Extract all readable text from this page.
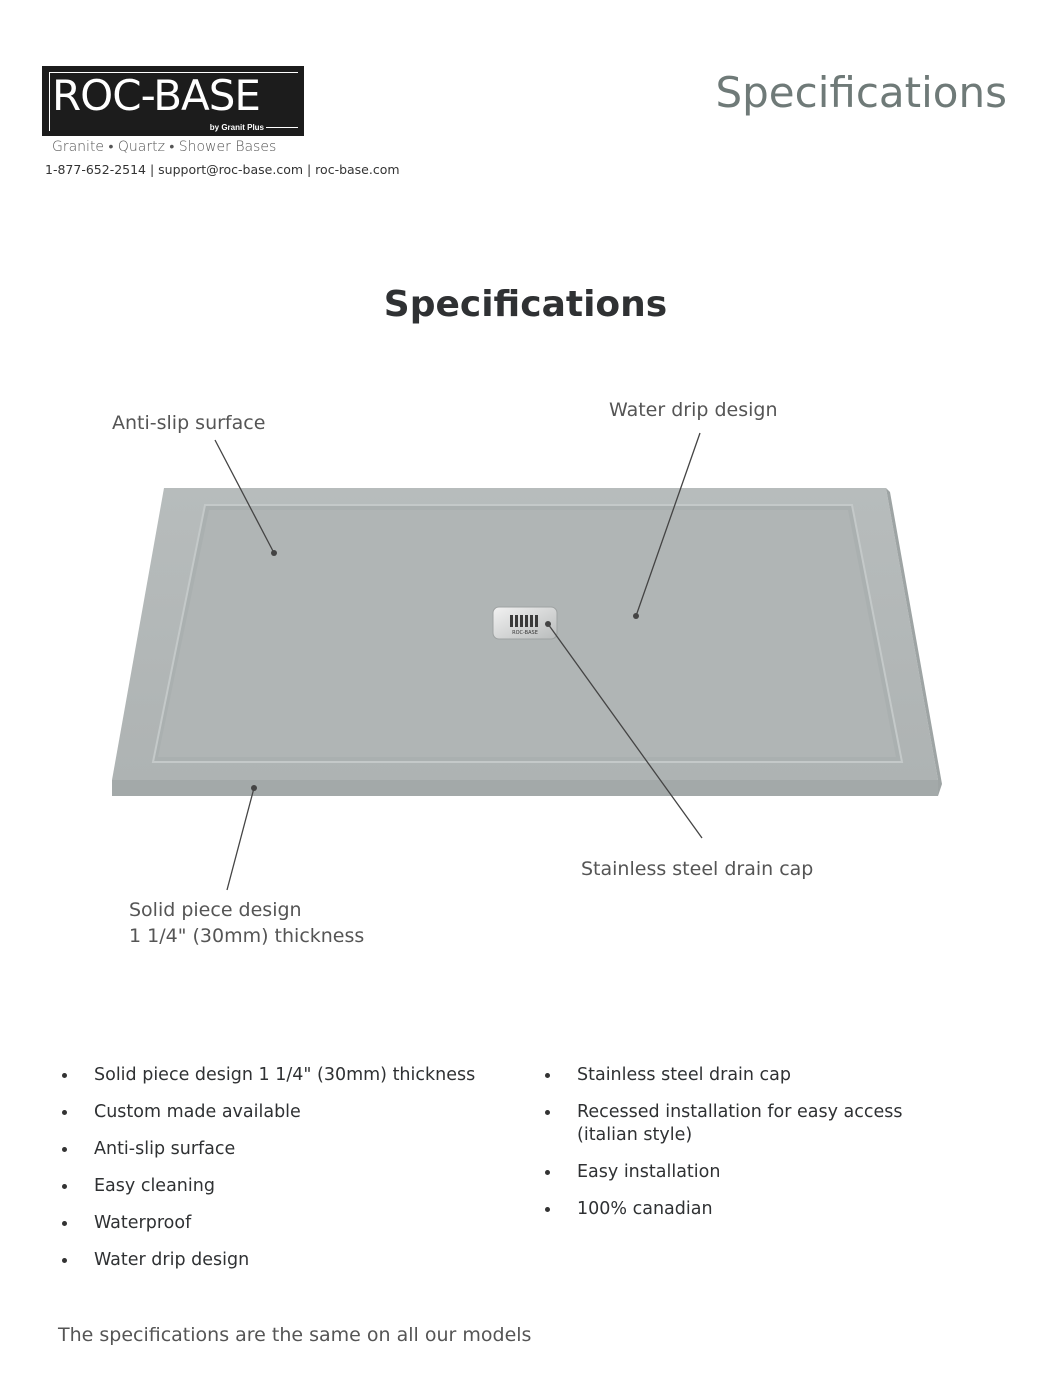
ROC-BASE
by Granit Plus
Granite • Quartz • Shower Bases
1-877-652-2514 | support@roc-base.com | roc-base.com
Specifications
Specifications
ROC-BASE
Anti-slip surface
Water drip design
Stainless steel drain cap
Solid piece design
1 1/4" (30mm) thickness
Solid piece design 1 1/4" (30mm) thickness
Custom made available
Anti-slip surface
Easy cleaning
Waterproof
Water drip design
Stainless steel drain cap
Recessed installation for easy access (italian style)
Easy installation
100% canadian
The specifications are the same on all our models
